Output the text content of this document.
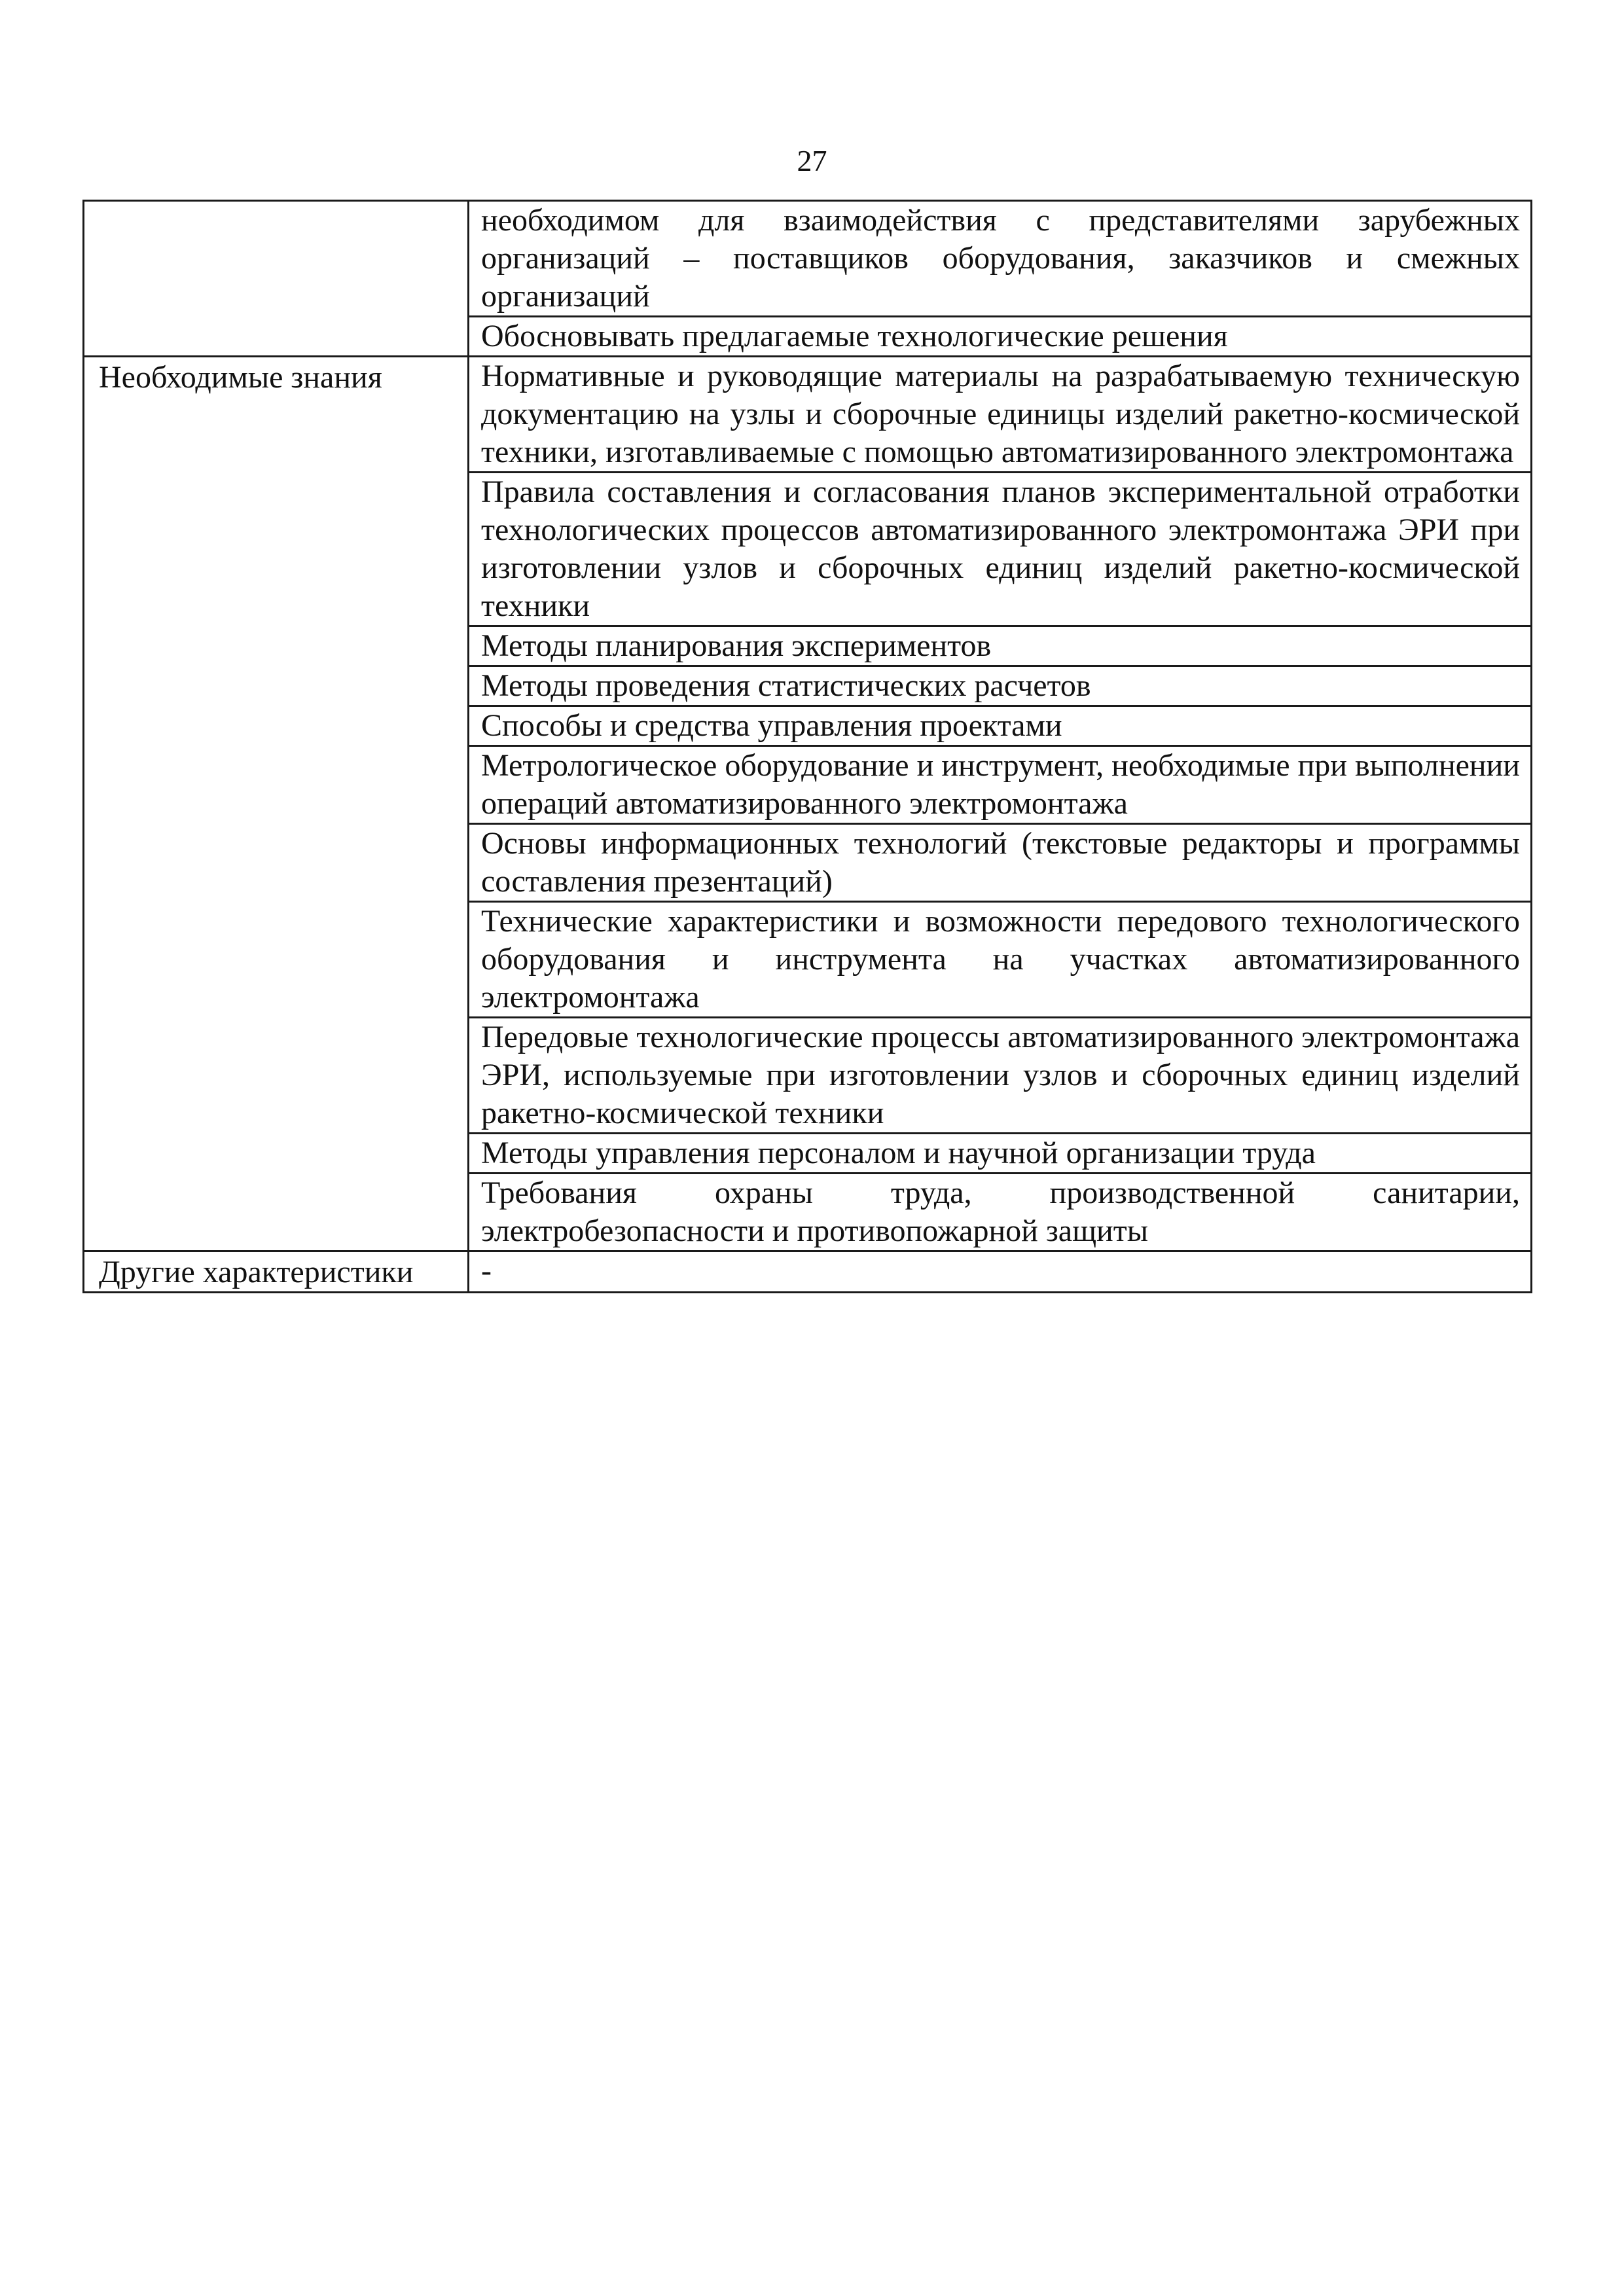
27
	необходимом для взаимодействия с представителями зарубежных организаций – поставщиков оборудования, заказчиков и смежных организаций
	Обосновывать предлагаемые технологические решения
Необходимые знания	Нормативные и руководящие материалы на разрабатываемую техническую документацию на узлы и сборочные единицы изделий ракетно-космической техники, изготавливаемые с помощью автоматизированного электромонтажа
	Правила составления и согласования планов экспериментальной отработки технологических процессов автоматизированного электромонтажа ЭРИ при изготовлении узлов и сборочных единиц изделий ракетно-космической техники
	Методы планирования экспериментов
	Методы проведения статистических расчетов
	Способы и средства управления проектами
	Метрологическое оборудование и инструмент, необходимые при выполнении операций автоматизированного электромонтажа
	Основы информационных технологий (текстовые редакторы и программы составления презентаций)
	Технические характеристики и возможности передового технологического оборудования и инструмента на участках автоматизированного электромонтажа
	Передовые технологические процессы автоматизированного электромонтажа ЭРИ, используемые при изготовлении узлов и сборочных единиц изделий ракетно-космической техники
	Методы управления персоналом и научной организации труда
	Требования охраны труда, производственной санитарии, электробезопасности и противопожарной защиты
Другие характеристики	-
